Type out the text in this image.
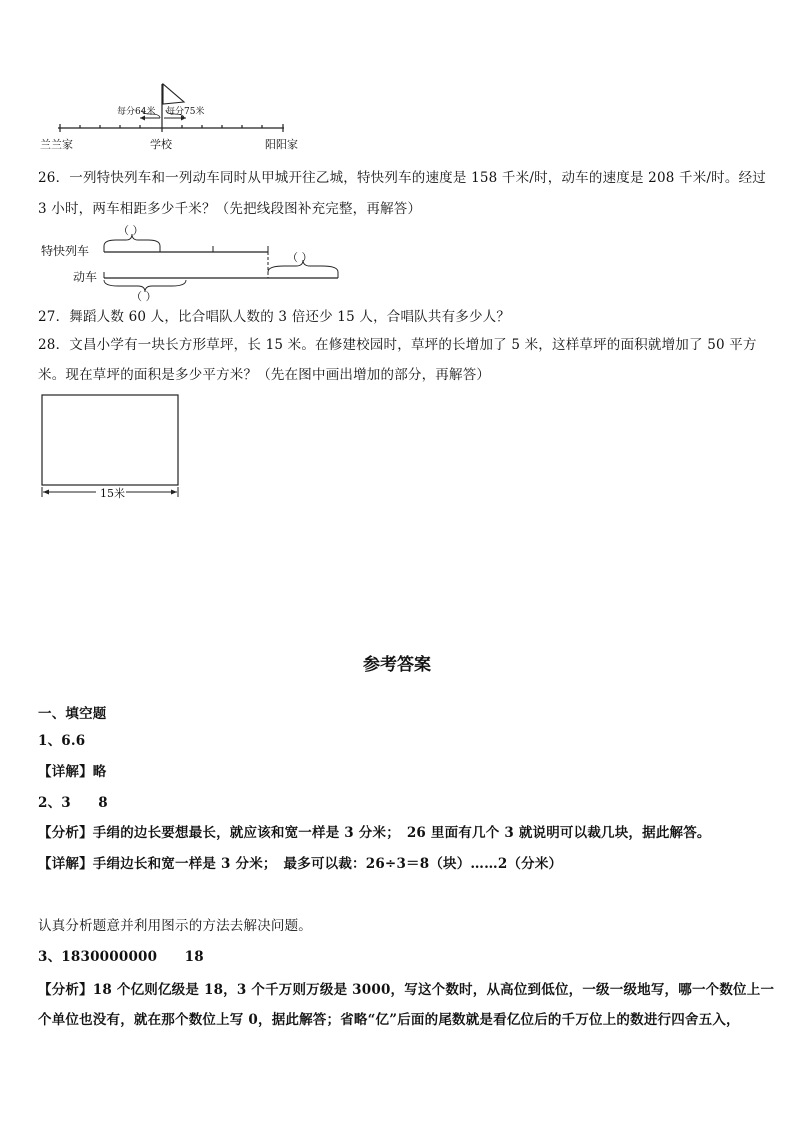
每分64米 每分75米
兰兰家	学校	阳阳家
26．一列特快列车和一列动车同时从甲城开往乙城，特快列车的速度是 158 千米/时，动车的速度是 208 千米/时。经过
3 小时，两车相距多少千米？（先把线段图补充完整，再解答）
特快列车
动车
（ ）
（ ）
（ ）
27．舞蹈人数 60 人，比合唱队人数的 3 倍还少 15 人，合唱队共有多少人？
28．文昌小学有一块长方形草坪，长 15 米。在修建校园时，草坪的长增加了 5 米，这样草坪的面积就增加了 50 平方
米。现在草坪的面积是多少平方米？（先在图中画出增加的部分，再解答）
15米
参考答案
一、填空题
1、6.6
【详解】略
2、3　　8
【分析】手绢的边长要想最长，就应该和宽一样是 3 分米；　26 里面有几个 3 就说明可以裁几块，据此解答。
【详解】手绢边长和宽一样是 3 分米；　最多可以裁：26÷3＝8（块）……2（分米）
认真分析题意并利用图示的方法去解决问题。
3、1830000000　　18
【分析】18 个亿则亿级是 18，3 个千万则万级是 3000，写这个数时，从高位到低位，一级一级地写，哪一个数位上一
个单位也没有，就在那个数位上写 0，据此解答；省略“亿”后面的尾数就是看亿位后的千万位上的数进行四舍五入，
